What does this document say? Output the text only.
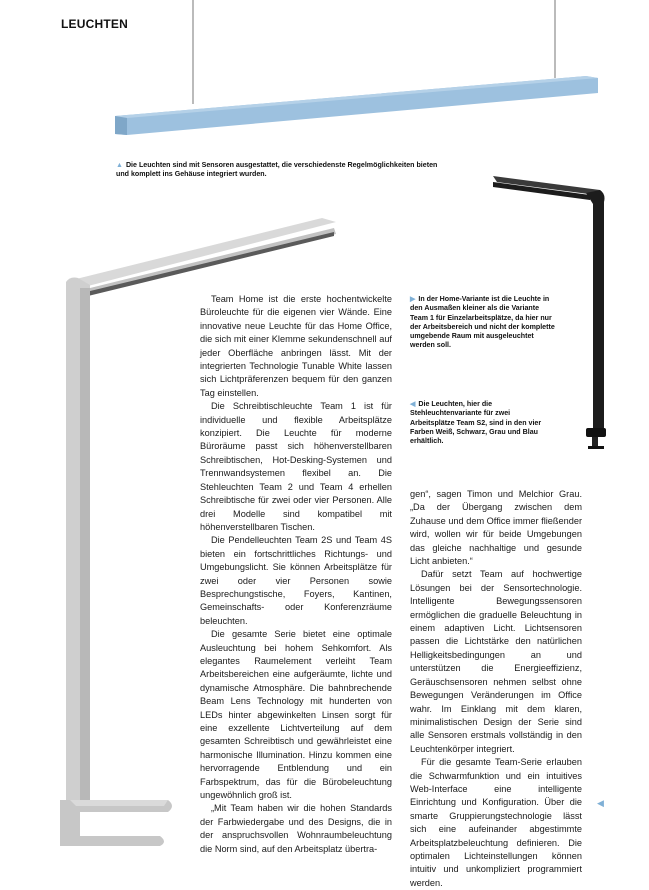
LEUCHTEN
▲ Die Leuchten sind mit Sensoren ausgestattet, die verschiedenste Regelmöglichkeiten bieten und komplett ins Gehäuse integriert wurden.
▶ In der Home-Variante ist die Leuchte in den Ausmaßen kleiner als die Variante Team 1 für Einzelarbeitsplätze, da hier nur der Arbeitsbereich und nicht der komplette umgebende Raum mit ausgeleuchtet werden soll.
◀ Die Leuchten, hier die Stehleuchtenvariante für zwei Arbeitsplätze Team S2, sind in den vier Farben Weiß, Schwarz, Grau und Blau erhältlich.

Team Home ist die erste hochentwickelte Büroleuchte für die eigenen vier Wände. Eine innovative neue Leuchte für das Home Office, die sich mit einer Klemme sekundenschnell auf jeder Oberfläche anbringen lässt. Mit der integrierten Technologie Tunable White lassen sich Lichtpräferenzen bequem für den ganzen Tag einstellen.

Die Schreibtischleuchte Team 1 ist für individuelle und flexible Arbeitsplätze konzipiert. Die Leuchte für moderne Büroräume passt sich höhenverstellbaren Schreibtischen, Hot-Desking-Systemen und Trennwandsystemen flexibel an. Die Stehleuchten Team 2 und Team 4 erhellen Schreibtische für zwei oder vier Personen. Alle drei Modelle sind kompatibel mit höhenverstellbaren Tischen.

Die Pendelleuchten Team 2S und Team 4S bieten ein fortschrittliches Richtungs- und Umgebungslicht. Sie können Arbeitsplätze für zwei oder vier Personen sowie Besprechungstische, Foyers, Kantinen, Gemeinschafts- oder Konferenzräume beleuchten.

Die gesamte Serie bietet eine optimale Ausleuchtung bei hohem Sehkomfort. Als elegantes Raumelement verleiht Team Arbeitsbereichen eine aufgeräumte, lichte und dynamische Atmosphäre. Die bahnbrechende Beam Lens Technology mit hunderten von LEDs hinter abgewinkelten Linsen sorgt für eine exzellente Lichtverteilung auf dem gesamten Schreibtisch und gewährleistet eine harmonische Illumination. Hinzu kommen eine hervorragende Entblendung und ein Farbspektrum, das für die Bürobeleuchtung ungewöhnlich groß ist.

„Mit Team haben wir die hohen Standards der Farbwiedergabe und des Designs, die in der anspruchsvollen Wohnraumbeleuchtung die Norm sind, auf den Arbeitsplatz übertra-

gen“, sagen Timon und Melchior Grau. „Da der Übergang zwischen dem Zuhause und dem Office immer fließender wird, wollen wir für beide Umgebungen das gleiche nachhaltige und gesunde Licht anbieten.“

Dafür setzt Team auf hochwertige Lösungen bei der Sensortechnologie. Intelligente Bewegungssensoren ermöglichen die graduelle Beleuchtung in einem adaptiven Licht. Lichtsensoren passen die Lichtstärke den natürlichen Helligkeitsbedingungen an und unterstützen die Energieeffizienz, Geräuschsensoren nehmen selbst ohne Bewegungen Veränderungen im Office wahr. Im Einklang mit dem klaren, minimalistischen Design der Serie sind alle Sensoren erstmals vollständig in den Leuchtenkörper integriert.

Für die gesamte Team-Serie erlauben die Schwarmfunktion und ein intuitives Web-Interface eine intelligente Einrichtung und Konfiguration. Über die smarte Gruppierungstechnologie lässt sich eine aufeinander abgestimmte Arbeitsplatzbeleuchtung definieren. Die optimalen Lichteinstellungen können intuitiv und unkompliziert programmiert werden.

◀
